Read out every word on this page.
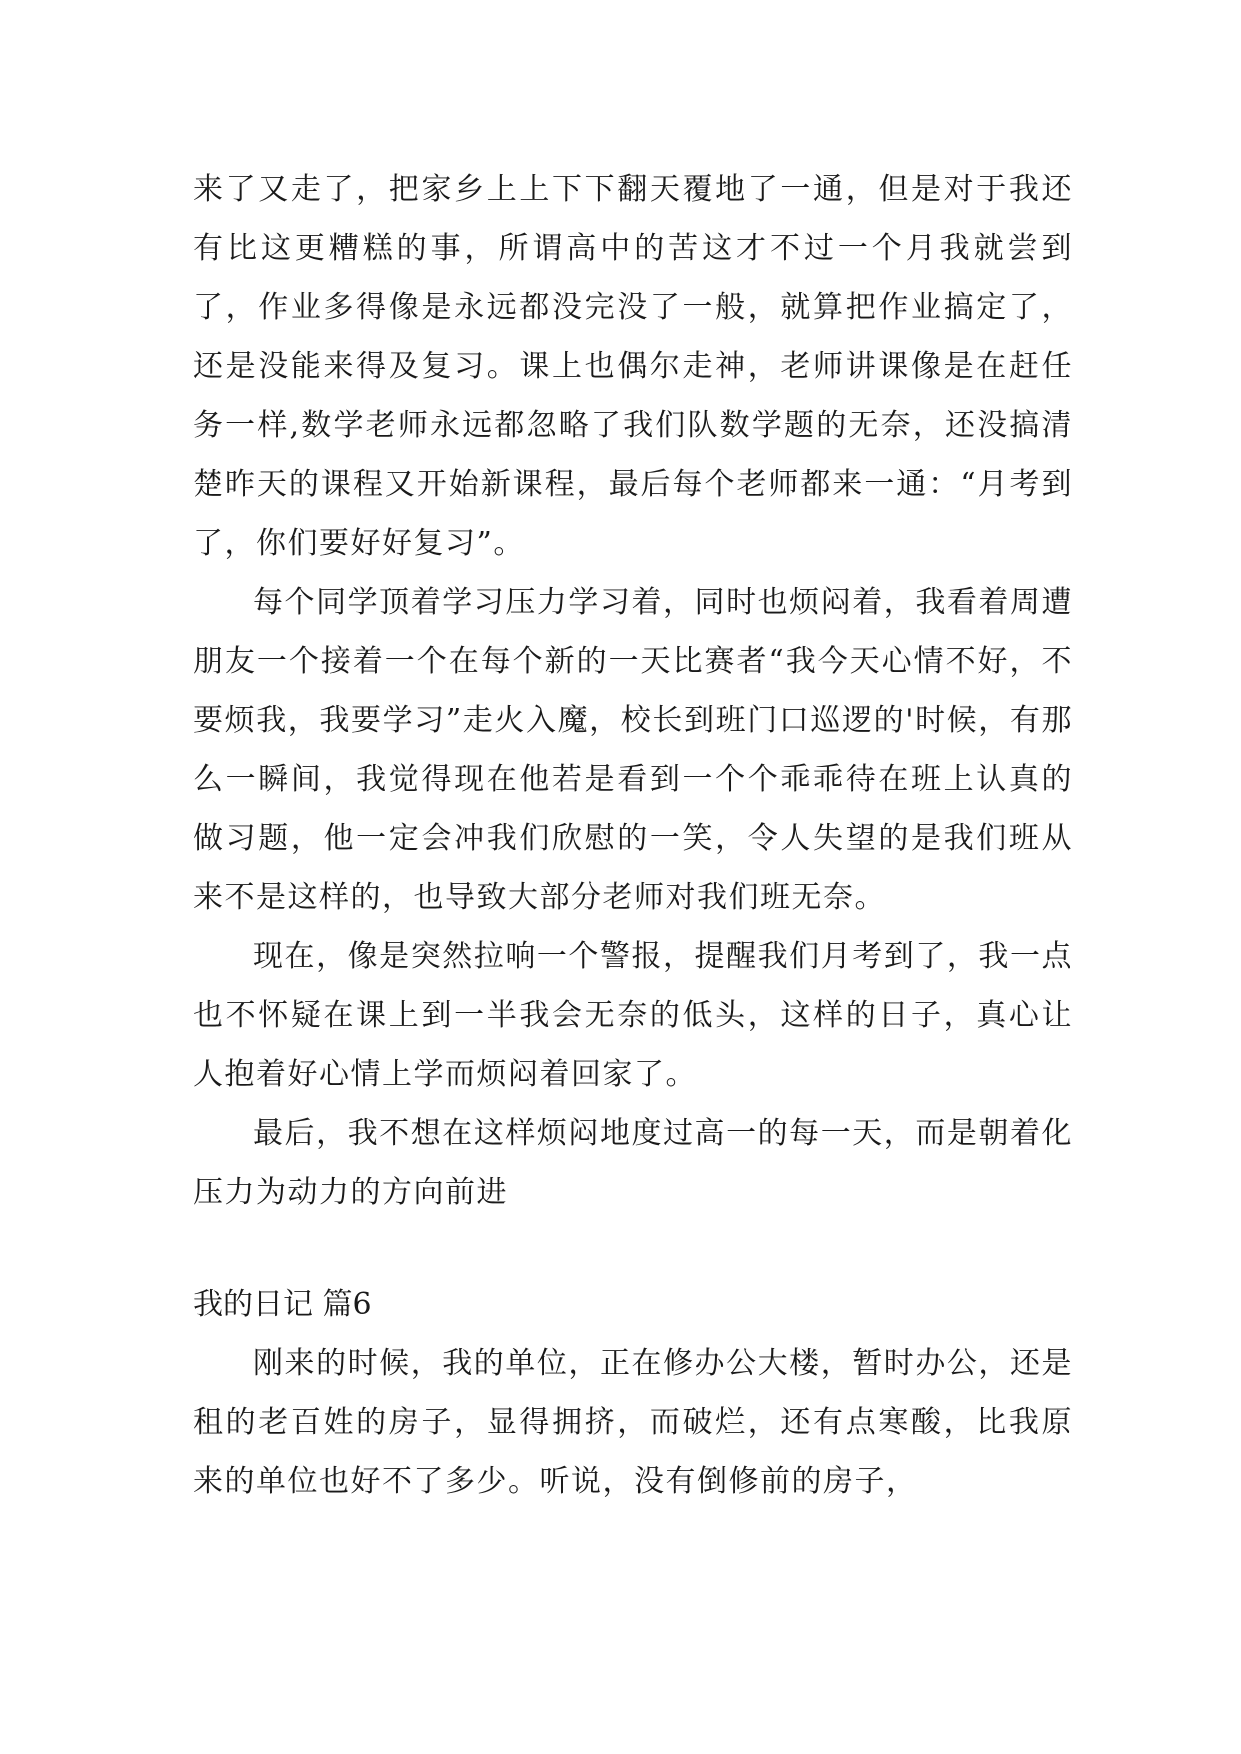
来了又走了，把家乡上上下下翻天覆地了一通，但是对于我还有比这更糟糕的事，所谓高中的苦这才不过一个月我就尝到了，作业多得像是永远都没完没了一般，就算把作业搞定了，还是没能来得及复习。课上也偶尔走神，老师讲课像是在赶任务一样,数学老师永远都忽略了我们队数学题的无奈，还没搞清楚昨天的课程又开始新课程，最后每个老师都来一通：“月考到了，你们要好好复习”。

每个同学顶着学习压力学习着，同时也烦闷着，我看着周遭朋友一个接着一个在每个新的一天比赛者“我今天心情不好，不要烦我，我要学习”走火入魔，校长到班门口巡逻的'时候，有那么一瞬间，我觉得现在他若是看到一个个乖乖待在班上认真的做习题，他一定会冲我们欣慰的一笑，令人失望的是我们班从来不是这样的，也导致大部分老师对我们班无奈。

现在，像是突然拉响一个警报，提醒我们月考到了，我一点也不怀疑在课上到一半我会无奈的低头，这样的日子，真心让人抱着好心情上学而烦闷着回家了。

最后，我不想在这样烦闷地度过高一的每一天，而是朝着化压力为动力的方向前进

我的日记 篇6

刚来的时候，我的单位，正在修办公大楼，暂时办公，还是租的老百姓的房子，显得拥挤，而破烂，还有点寒酸，比我原来的单位也好不了多少。听说，没有倒修前的房子，
